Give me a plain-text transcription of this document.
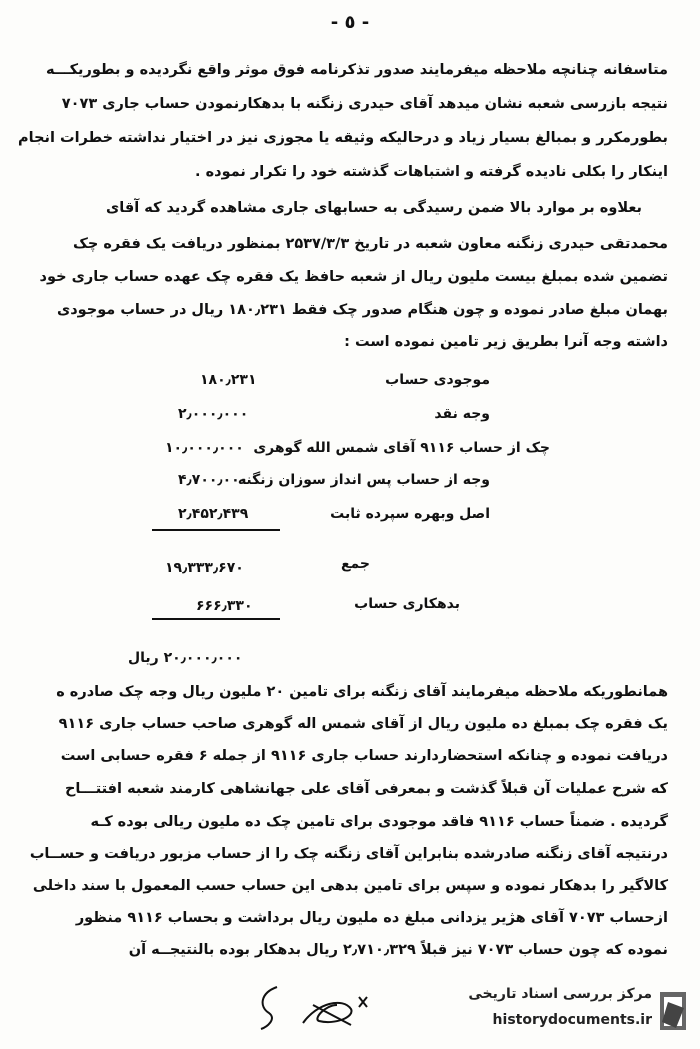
- ٥ -
متاسفانه چنانچه ملاحظه میفرمایند صدور تذکرنامه فوق موثر واقع نگردیده و بطوریکـــه
نتیجه بازرسی شعبه نشان میدهد آقای حیدری زنگنه با بدهکارنمودن حساب جاری ۷۰۷۳
بطورمکرر و بمبالغ بسیار زیاد و درحالیکه وثیقه یا مجوزی نیز در اختیار نداشته خطرات انجام
اینکار را بکلی نادیده گرفته و اشتباهات گذشته خود را تکرار نموده .
بعلاوه بر موارد بالا ضمن رسیدگی به حسابهای جاری مشاهده گردید که آقای
محمدتقی حیدری زنگنه معاون شعبه در تاریخ ۲۵۳۷/۳/۳ بمنظور دریافت یک فقره چک
تضمین شده بمبلغ بیست ملیون ریال از شعبه حافظ یک فقره چک عهده حساب جاری خود
بهمان مبلغ صادر نموده و چون هنگام صدور چک فقط ۱۸۰٫۲۳۱ ریال در حساب موجودی
داشته وجه آنرا بطریق زیر تامین نموده است :
موجودی حساب
۱۸۰٫۲۳۱
وجه نقد
۲٫۰۰۰٫۰۰۰
چک از حساب ۹۱۱۶ آقای شمس الله گوهری
۱۰٫۰۰۰٫۰۰۰
وجه از حساب پس انداز سوزان زنگنه
۴٫۷۰۰٫۰۰۰
اصل وبهره سپرده ثابت
۲٫۴۵۲٫۴۳۹
جمع
۱۹٫۳۳۳٫۶۷۰
بدهکاری حساب
۶۶۶٫۳۳۰
۲۰٫۰۰۰٫۰۰۰ ریال
همانطوریکه ملاحظه میفرمایند آقای زنگنه برای تامین ۲۰ ملیون ریال وجه چک صادره ه
یک فقره چک بمبلغ ده ملیون ریال از آقای شمس اله گوهری صاحب حساب جاری ۹۱۱۶
دریافت نموده و چنانکه استحضاردارند حساب جاری ۹۱۱۶ از جمله ۶ فقره حسابی است
که شرح عملیات آن قبلاً گذشت و بمعرفی آقای علی جهانشاهی کارمند شعبه افتتـــاح
گردیده . ضمناً حساب ۹۱۱۶ فاقد موجودی برای تامین چک ده ملیون ریالی بوده کـه
درنتیجه آقای زنگنه صادرشده بنابراین آقای زنگنه چک را از حساب مزبور دریافت و حســاب
کالاگیر را بدهکار نموده و سپس برای تامین بدهی این حساب حسب المعمول با سند داخلی
ازحساب ۷۰۷۳ آقای هژیر یزدانی مبلغ ده ملیون ریال برداشت و بحساب ۹۱۱۶ منظور
نموده که چون حساب ۷۰۷۳ نیز قبلاً ۲٫۷۱۰٫۳۲۹ ریال بدهکار بوده بالنتیجــه آن
مرکز بررسی اسناد تاریخی
historydocuments.ir
